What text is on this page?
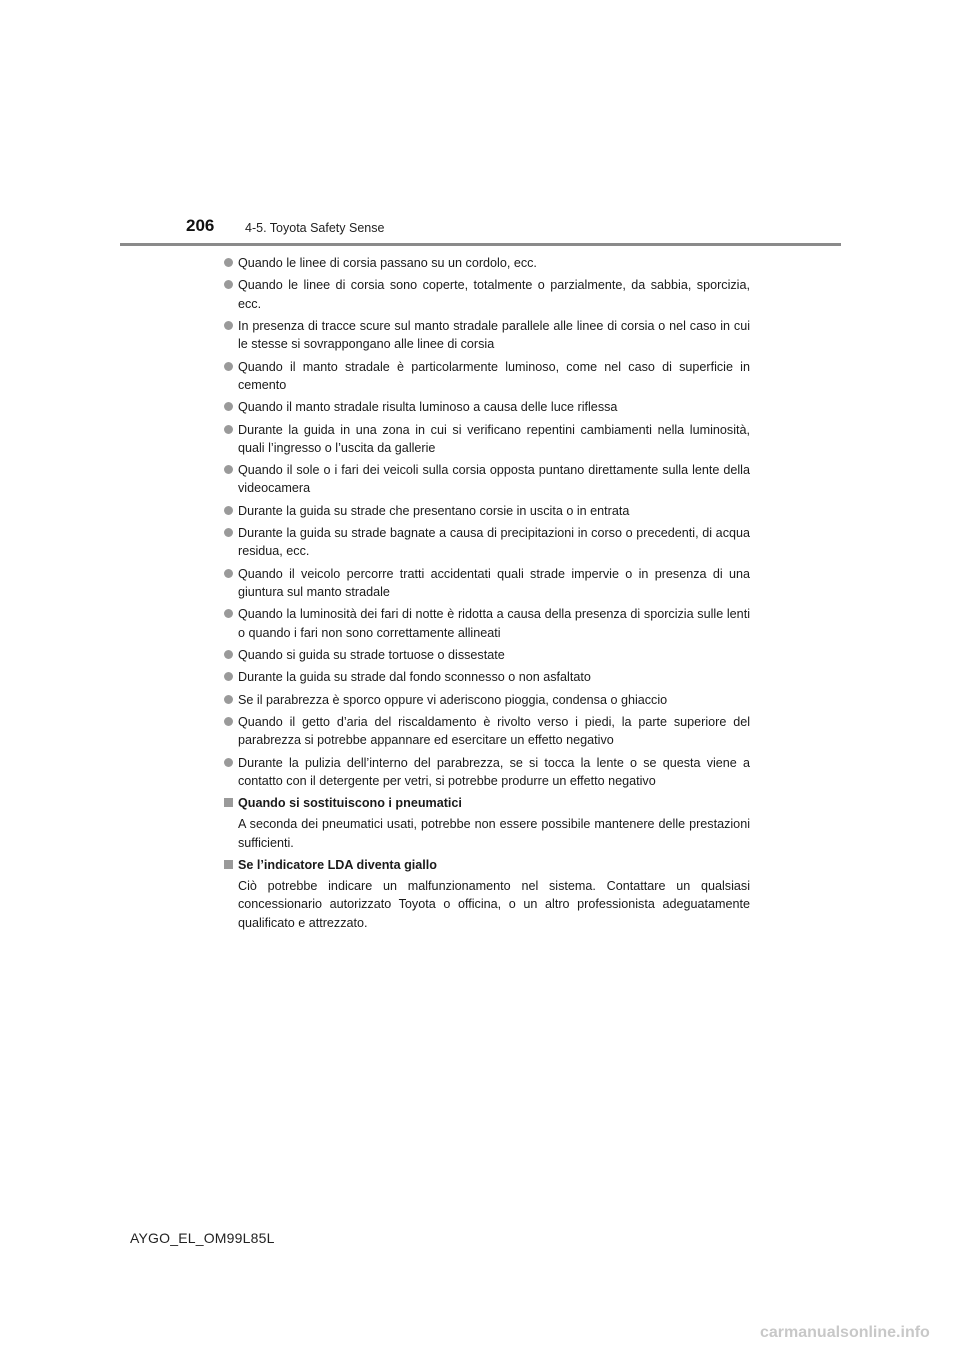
206 4-5. Toyota Safety Sense
Quando le linee di corsia passano su un cordolo, ecc.
Quando le linee di corsia sono coperte, totalmente o parzialmente, da sabbia, sporcizia, ecc.
In presenza di tracce scure sul manto stradale parallele alle linee di corsia o nel caso in cui le stesse si sovrappongano alle linee di corsia
Quando il manto stradale è particolarmente luminoso, come nel caso di superficie in cemento
Quando il manto stradale risulta luminoso a causa delle luce riflessa
Durante la guida in una zona in cui si verificano repentini cambiamenti nella luminosità, quali l’ingresso o l’uscita da gallerie
Quando il sole o i fari dei veicoli sulla corsia opposta puntano direttamente sulla lente della videocamera
Durante la guida su strade che presentano corsie in uscita o in entrata
Durante la guida su strade bagnate a causa di precipitazioni in corso o precedenti, di acqua residua, ecc.
Quando il veicolo percorre tratti accidentati quali strade impervie o in presenza di una giuntura sul manto stradale
Quando la luminosità dei fari di notte è ridotta a causa della presenza di sporcizia sulle lenti o quando i fari non sono correttamente allineati
Quando si guida su strade tortuose o dissestate
Durante la guida su strade dal fondo sconnesso o non asfaltato
Se il parabrezza è sporco oppure vi aderiscono pioggia, condensa o ghiaccio
Quando il getto d’aria del riscaldamento è rivolto verso i piedi, la parte superiore del parabrezza si potrebbe appannare ed esercitare un effetto negativo
Durante la pulizia dell’interno del parabrezza, se si tocca la lente o se questa viene a contatto con il detergente per vetri, si potrebbe produrre un effetto negativo
Quando si sostituiscono i pneumatici
A seconda dei pneumatici usati, potrebbe non essere possibile mantenere delle prestazioni sufficienti.
Se l’indicatore LDA diventa giallo
Ciò potrebbe indicare un malfunzionamento nel sistema. Contattare un qualsiasi concessionario autorizzato Toyota o officina, o un altro professionista adeguatamente qualificato e attrezzato.
AYGO_EL_OM99L85L
carmanualsonline.info
